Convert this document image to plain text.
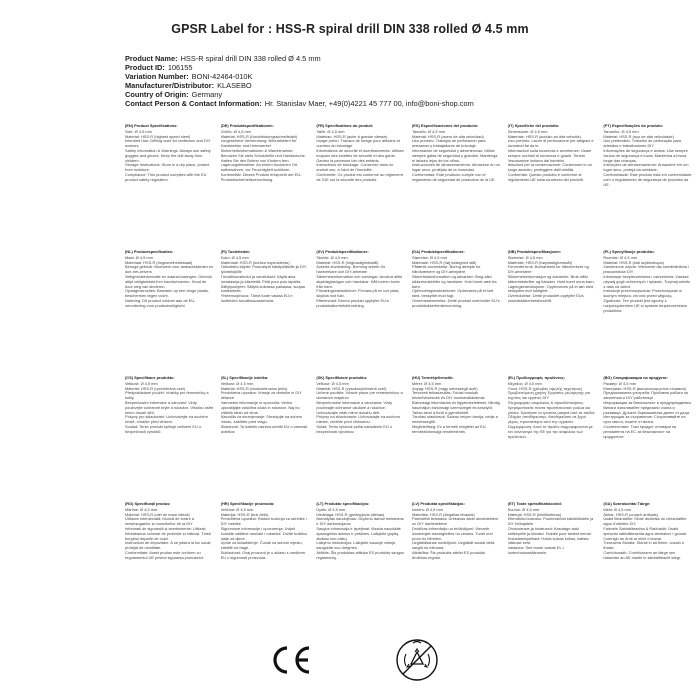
GPSR Label for : HSS-R spiral drill DIN 338 rolled Ø 4.5 mm
Product Name: HSS-R spiral drill DIN 338 rolled Ø 4.5 mm
Product ID: 106155
Variation Number: BONI-42464-010K
Manufacturer/Distributor: KLASEBO
Country of Origin: Germany
Contact Person & Contact Information: Hr. Stanislav Maer, +49(0)4221 45 777 00, info@boni-shop.com
(EN) Product Specifications:
Size: Ø 4.5 mm
Material: HSS-R (highest speed steel)
Intended Use: Drilling work for craftsmen and DIY workers
Safety Information & Warnings: Always use safety goggles and gloves. Keep the drill away from children.
Storage Instructions: Store in a dry place, protect from moisture.
Compliance: This product complies with the EU product safety regulation.
(DE) Produktspezifikationen:
Größe: Ø 4,5 mm
Material: HSS-R (Hochleistungsschnellstahl)
Vorgesehene Verwendung: Bohrarbeiten für Handwerker und Heimwerker
Sicherheitsinformationen & Warnhinweise: Benutzen Sie stets Schutzbrille und Handschuhe. Halten Sie den Bohrer von Kindern fern.
Lagerungshinweise: An einem trockenen Ort aufbewahren, vor Feuchtigkeit schützen.
Konformität: Dieses Produkt entspricht der EU-Produktsicherheitsverordnung.
(FR) Spécifications du produit:
Taille: Ø 4,5 mm
Matériau: HSS-R (acier à grande vitesse)
Usage prévu: Travaux de forage pour artisans et ouvriers du bricolage
Informations de sécurité et avertissements: Utilisez toujours des lunettes de sécurité et des gants. Gardez la perceuse loin des enfants.
Instructions de stockage: Conserver dans un endroit sec, à l'abri de l'humidité.
Conformité: Ce produit est conforme au règlement de l'UE sur la sécurité des produits.
(ES) Especificaciones del producto:
Tamaño: Ø 4,5 mm
Material: HSS-R (acero de alta velocidad)
Uso previsto: Trabajos de perforación para artesanos y trabajadores de bricolaje
Información de seguridad y advertencias: Utilice siempre gafas de seguridad y guantes. Mantenga el taladro lejos de los niños.
Instrucciones de almacenamiento: Almacene en un lugar seco, protéjalo de la humedad.
Conformidad: Este producto cumple con el reglamento de seguridad de productos de la UE.
(IT) Specifiche del prodotto:
Dimensione: Ø 4,5 mm
Materiale: HSS-R (acciaio ad alta velocità)
Uso previsto: Lavori di perforazione per artigiani e lavoratori fai da te
Informazioni sulla sicurezza e avvertenze: Usare sempre occhiali di sicurezza e guanti. Tenere l'escavatrice lontano dai bambini.
Istruzioni per la conservazione: Conservare in un luogo asciutto, proteggere dall'umidità.
Conformità: Questo prodotto è conforme al regolamento UE sulla sicurezza dei prodotti.
(PT) Especificações do produto:
Tamanho: Ø 4,5 mm
Material: HSS-R (aço de alta velocidade)
Uso pretendido: Trabalho de perfuração para artesãos e trabalhadores DIY
Informações de segurança e avisos: Use sempre óculos de segurança e luvas. Mantenha a broca longe das crianças.
Instruções de armazenamento: Armazene em um lugar seco, proteja da umidade.
Conformidade: Este produto está em conformidade com o regulamento de segurança de produtos da UE.
(NL) Productspecificaties:
Maat: Ø 4,5 mm
Materiaal: HSS-R (hogesnelheidsstaal)
Beoogd gebruik: Boorwerk voor ambachtslieden en doe-het-zelvers
Veiligheidsinformatie en waarschuwingen: Gebruik altijd veiligheidsbril en handschoenen. Houd de boor weg van kinderen.
Opslaginstructies: Bewaren op een droge plaats, beschermen tegen vocht.
Naleving: Dit product voldoet aan de EU-verordening voor productveiligheid.
(FI) Tuotetiedot:
Koko: Ø 4,5 mm
Materiaali: HSS-R (korkea nopeusteräs)
Tarkoitettu käyttö: Poraustyöt käsityöläisille ja DIY-työntekijöille
Turvallisuustiedot ja varoitukset: Käytä aina turvalaseja ja käsineitä. Pidä pora pois lapsilta.
Säilytysohjeet: Säilytä kuivassa paikassa, suojaa kosteudelta.
Yhteensopivuus: Tämä tuote vastaa EU:n tuotteiden turvallisuusasetusta.
(SV) Produktspecifikationer:
Storlek: Ø 4,5 mm
Material: HSS-R (höghastighetsstål)
Avsedd användning: Borrning arbete för hantverkare och DIY-arbetare
Säkerhetsinformation och varningar: Använd alltid skyddsglasögon och handskar. Håll borren borta från barn.
Förvaringsinstruktioner: Förvara på en torr plats, skydda mot fukt.
Efterlevnad: Denna produkt uppfyller EU:s produktsäkerhetsförordning.
(DA) Produktspecifikationer:
Størrelse: Ø 4,5 mm
Materiale: HSS-R (høj hastighed stål)
Påtænkt anvendelse: Boring arbejde for håndværkere og DIY-arbejdere
Sikkerhedsinformation og advarsler: Brug altid sikkerhedsbriller og handsker. Hold boret væk fra børn.
Opbevaringsinstruktioner: Opbevares på et tørt sted, beskyttet mod fugt.
Overensstemmelse: Dette produkt overholder EU's produktsikkerhedsforordning.
(NB) Produktspesifikasjoner:
Størrelse: Ø 4,5 mm
Materiale: HSS-R (høyhastighetsstål)
Forventet bruk: Boreartbeid for håndverkere og DIY-arbeidere
Sikkerhetsinformasjon og advarsler: Bruk alltid sikkerhetsbriller og hansker. Hold boret unna barn.
Lagringsinstruksjoner: Oppbevares på et tørt sted, beskyttes mot fuktighet.
Overholdelse: Dette produktet oppfyller EUs produktsikkerhetsforskrift.
(PL) Specyfikacje produktu:
Rozmiar: Ø 4,5 mm
Materiał: HSS-R (stal szybkotnąca)
Zamierzone użycie: Wiercenie dla rzemieślników i pracowników DIY
Informacje bezpieczeństwa i ostrzeżenia: Zawsze używaj gogli ochronnych i rękawic. Trzymaj wiertło z dala od dzieci.
Instrukcje przechowywania: Przechowywać w suchym miejscu, chronić przed wilgocią.
Zgodność: Ten produkt jest zgodny z rozporządzeniem UE w sprawie bezpieczeństwa produktów.
(CS) Specifikace produktu:
Velikost: Ø 4,5 mm
Materiál: HSS-R (rychlořezná ocel)
Předpokládané použití: Vrtačky pro řemeslníky a kutily
Bezpečnostní informace a varování: Vždy používejte ochranné brýle a rukavice. Vrtačku držte mimo dosah dětí.
Pokyny pro skladování: Uchovávejte na suchém místě, chraňte před vlhkem.
Soulad: Tento produkt splňuje nařízení EU o bezpečnosti výrobků.
(SL) Specifikacije izdelka:
Velikost: Ø 4,5 mm
Material: HSS-R (visokohitrostno jeklo)
Predvidena uporaba: Vrtanje za obrtnike in DIY delavce
Varnostne informacije in opozorila: Vedno uporabljajte zaščitna očala in rokavice. Naj bo vrtalnik stran od otrok.
Navodila za shranjevanje: Shranjujte na suhem mestu, zaščitite pred vlago.
Skladnost: Ta izdelek ustreza uredbi EU o varnosti izdelkov.
(SK) Špecifikácie produktu:
Veľkosť: Ø 4,5 mm
Materiál: HSS-R (vysokorýchlostná oceľ)
Určené použitie: Vŕtacie práce pre remeselníkov a domácich majstrov
Bezpečnostné informácie a varovania: Vždy používajte ochranné okuliare a rukavice. Uchovávajte vrták mimo dosahu detí.
Pokyny na skladovanie: Uchovávajte na suchom mieste, chráňte pred vlhkosťou.
Súlad: Tento výrobok spĺňa nariadenie EÚ o bezpečnosti výrobkov.
(HU) Termékjellemzők:
Méret: Ø 4,5 mm
Anyag: HSS-R (nagy sebességű acél)
Tervezett felhasználás: Fúrási munkák kézműveseknek és DIY munkavállalóknak
Biztonsági információk és figyelmeztetések: Mindig használjon biztonsági szemüveget és kesztyűt. Tartsa távol a fúrót a gyerekektől.
Tárolási utasítások: Száraz helyen tárolja, védje a nedvességtől.
Megfelelőség: Ez a termék megfelel az EU termékbiztonsági rendeletének.
(EL) Προδιαγραφές προϊόντος:
Μέγεθος: Ø 4,5 mm
Υλικό: HSS-R (χάλυβας υψηλής ταχύτητας)
Προβλεπόμενη χρήση: Εργασίες γεώτρησης για τεχνίτες και εργάτες DIY
Πληροφορίες ασφαλείας & προειδοποιήσεις: Χρησιμοποιείτε πάντα προστατευτικά γυαλιά και γάντια. Κρατήστε το τρυπάνι μακριά από τα παιδιά.
Οδηγίες αποθήκευσης: Αποθηκεύστε σε ξηρό μέρος, προστατέψτε από την υγρασία.
Συμμόρφωση: Αυτό το προϊόν συμμορφώνεται με τον κανονισμό της ΕΕ για την ασφάλεια των προϊόντων.
(BG) Спецификации на продукта:
Размер: Ø 4,5 mm
Материал: HSS-R (високоскоростна стомана)
Предназначена употреба: Пробивни работи за занаятчии и DIY работници
Информация за безопасност и предупреждения: Винаги използвайте предпазни очила и ръкавици. Дръжте бормашината далеч от деца.
Инструкции за съхранение: Съхранявайте на сухо място, пазете от влага.
Съответствие: Този продукт отговаря на регламента на ЕС за безопасност на продуктите.
(RO) Specificații produs:
Mărime: Ø 4,5 mm
Material: HSS-R (oțel de mare viteză)
Utilizare intenționată: Muncă de forare a meșteșugarilor și muncitorilor de la DIY
Informații de siguranță și avertismente: Utilizați întotdeauna ochelari de protecție și mănuși. Țineți burghiul departe de copii.
Instrucțiuni de depozitare: A se păstra la loc uscat, protejat de umiditate.
Conformitate: Acest produs este conform cu regulamentul UE privind siguranța produselor.
(HR) Specifikacije proizvoda:
Veličina: Ø 4,5 mm
Materijal: HSS-R (brzi čelik)
Predviđena uporaba: Radovi bušenja za obrtnike i DIY radnike
Sigurnosne informacije i upozorenja: Uvijek koristite zaštitne naočale i rukavice. Držite bušilicu dalje od djece.
Upute za skladištenje: Čuvati na suhom mjestu, zaštititi od vlage.
Sukladnost: Ovaj proizvod je u skladu s uredbom EU o sigurnosti proizvoda.
(LT) Produkto specifikacijos:
Dydis: Ø 4,5 mm
Medžiaga: HSS-R (greitapjovis plienas)
Numatytas naudojimas: Gręžimo darbai meistrams ir DIY darbuotojams
Saugos informacija ir įspėjimai: Visada naudokite apsauginius akinius ir pirštines. Laikykite grąžtą atokiau nuo vaikų.
Laikymo instrukcijos: Laikykite sausoje vietoje, saugokite nuo drėgmės.
Atitiktis: Šis produktas atitinka ES produktų saugos reglamentą.
(LV) Produkta specifikācijas:
Izmērs: Ø 4,5 mm
Materiāls: HSS-R (ātrgaitas tērauds)
Paredzētā lietošana: Urbšanas darbi amatniekiem un DIY darbiniekiem
Drošības informācija un brīdinājumi: Vienmēr izmantojiet aizsargbrilles un cimdus. Turiet urbi prom no bērniem.
Uzglabāšanas norādījumi: Uzglabāt sausā vietā, sargāt no mitruma.
Atbilstība: Šis produkts atbilst ES produktu drošības regulai.
(ET) Toote spetsifikatsioonid:
Suurus: Ø 4,5 mm
Materjal: HSS-R (kiirlõiketeras)
Ettenähtud kasutus: Puurimistööd käsitöölistele ja DIY töötajatele
Ohutusteave ja hoiatused: Kasutage alati kaitseprille ja kindaid. Hoidke puur lastest eemal.
Hoiustamisjuhised: Hoida kuivas kohas, kaitsta niiskuse eest.
Vastavus: See toode vastab EL-i tooteohutusmäärusele.
(GA) Sonraíochtaí Táirge:
Méid: Ø 4,5 mm
Ábhar: HSS-R (cruach ardluais)
Úsáid Beartaithe: Obair druileála do cheardaithe agus d'oibrithe DIY
Faisnéis Sábháilteachta & Rabhaidh: Úsáid spéaclaí sábháilteachta agus lámhainní i gcónaí. Coinnigh an druil ar shiúl ó leanaí.
Treoracha Stórála: Stóráil in áit thirim, cosain ó thaise.
Comhlíonadh: Comhlíonann an táirge seo rialachán an AE maidir le sábháilteacht táirgí.
